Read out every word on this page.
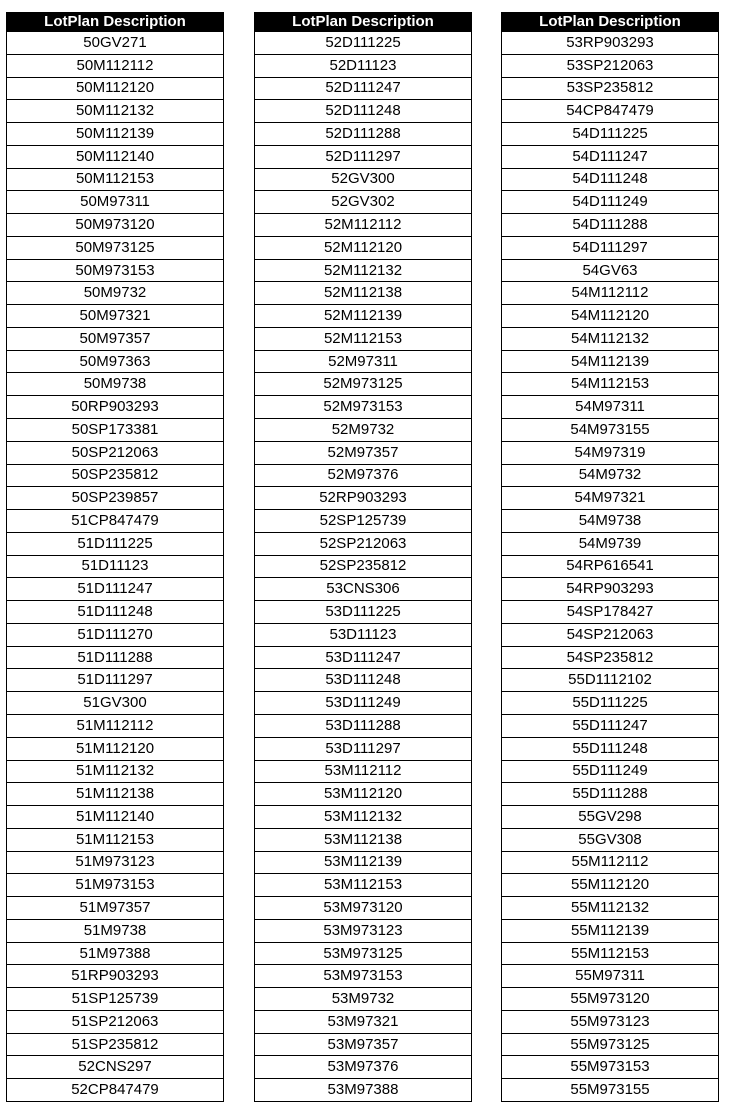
LotPlan Description
50GV271
50M112112
50M112120
50M112132
50M112139
50M112140
50M112153
50M97311
50M973120
50M973125
50M973153
50M9732
50M97321
50M97357
50M97363
50M9738
50RP903293
50SP173381
50SP212063
50SP235812
50SP239857
51CP847479
51D111225
51D11123
51D111247
51D111248
51D111270
51D111288
51D111297
51GV300
51M112112
51M112120
51M112132
51M112138
51M112140
51M112153
51M973123
51M973153
51M97357
51M9738
51M97388
51RP903293
51SP125739
51SP212063
51SP235812
52CNS297
52CP847479
LotPlan Description
52D111225
52D11123
52D111247
52D111248
52D111288
52D111297
52GV300
52GV302
52M112112
52M112120
52M112132
52M112138
52M112139
52M112153
52M97311
52M973125
52M973153
52M9732
52M97357
52M97376
52RP903293
52SP125739
52SP212063
52SP235812
53CNS306
53D111225
53D11123
53D111247
53D111248
53D111249
53D111288
53D111297
53M112112
53M112120
53M112132
53M112138
53M112139
53M112153
53M973120
53M973123
53M973125
53M973153
53M9732
53M97321
53M97357
53M97376
53M97388
LotPlan Description
53RP903293
53SP212063
53SP235812
54CP847479
54D111225
54D111247
54D111248
54D111249
54D111288
54D111297
54GV63
54M112112
54M112120
54M112132
54M112139
54M112153
54M97311
54M973155
54M97319
54M9732
54M97321
54M9738
54M9739
54RP616541
54RP903293
54SP178427
54SP212063
54SP235812
55D1112102
55D111225
55D111247
55D111248
55D111249
55D111288
55GV298
55GV308
55M112112
55M112120
55M112132
55M112139
55M112153
55M97311
55M973120
55M973123
55M973125
55M973153
55M973155
